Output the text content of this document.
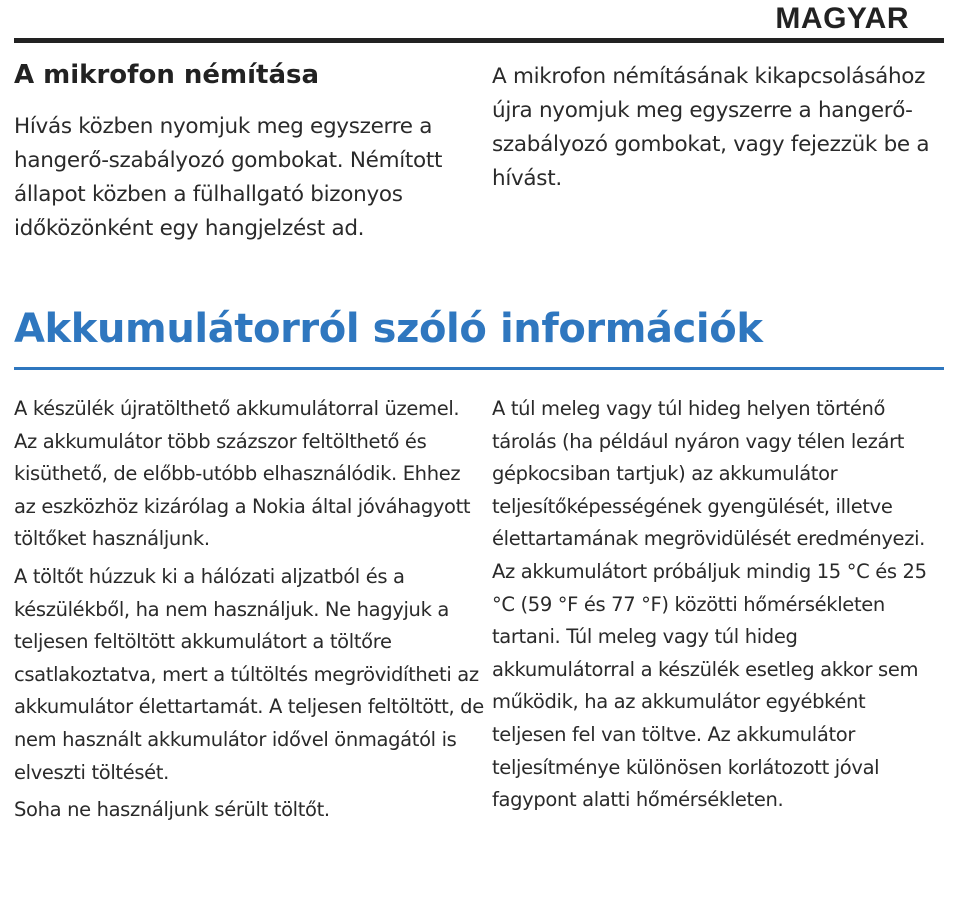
MAGYAR
A mikrofon némítása

Hívás közben nyomjuk meg egyszerre a hangerő-szabályozó gombokat. Némított állapot közben a fülhallgató bizonyos időközönként egy hangjelzést ad.

A mikrofon némításának kikapcsolásához újra nyomjuk meg egyszerre a hangerő-szabályozó gombokat, vagy fejezzük be a hívást.

Akkumulátorról szóló információk

A készülék újratölthető akkumulátorral üzemel. Az akkumulátor több százszor feltölthető és kisüthető, de előbb-utóbb elhasználódik. Ehhez az eszközhöz kizárólag a Nokia által jóváhagyott töltőket használjunk.

A töltőt húzzuk ki a hálózati aljzatból és a készülékből, ha nem használjuk. Ne hagyjuk a teljesen feltöltött akkumulátort a töltőre csatlakoztatva, mert a túltöltés megrövidítheti az akkumulátor élettartamát. A teljesen feltöltött, de nem használt akkumulátor idővel önmagától is elveszti töltését.

Soha ne használjunk sérült töltőt.

A túl meleg vagy túl hideg helyen történő tárolás (ha például nyáron vagy télen lezárt gépkocsiban tartjuk) az akkumulátor teljesítőképességének gyengülését, illetve élettartamának megrövidülését eredményezi. Az akkumulátort próbáljuk mindig 15 °C és 25 °C (59 °F és 77 °F) közötti hőmérsékleten tartani. Túl meleg vagy túl hideg akkumulátorral a készülék esetleg akkor sem működik, ha az akkumulátor egyébként teljesen fel van töltve. Az akkumulátor teljesítménye különösen korlátozott jóval fagypont alatti hőmérsékleten.
